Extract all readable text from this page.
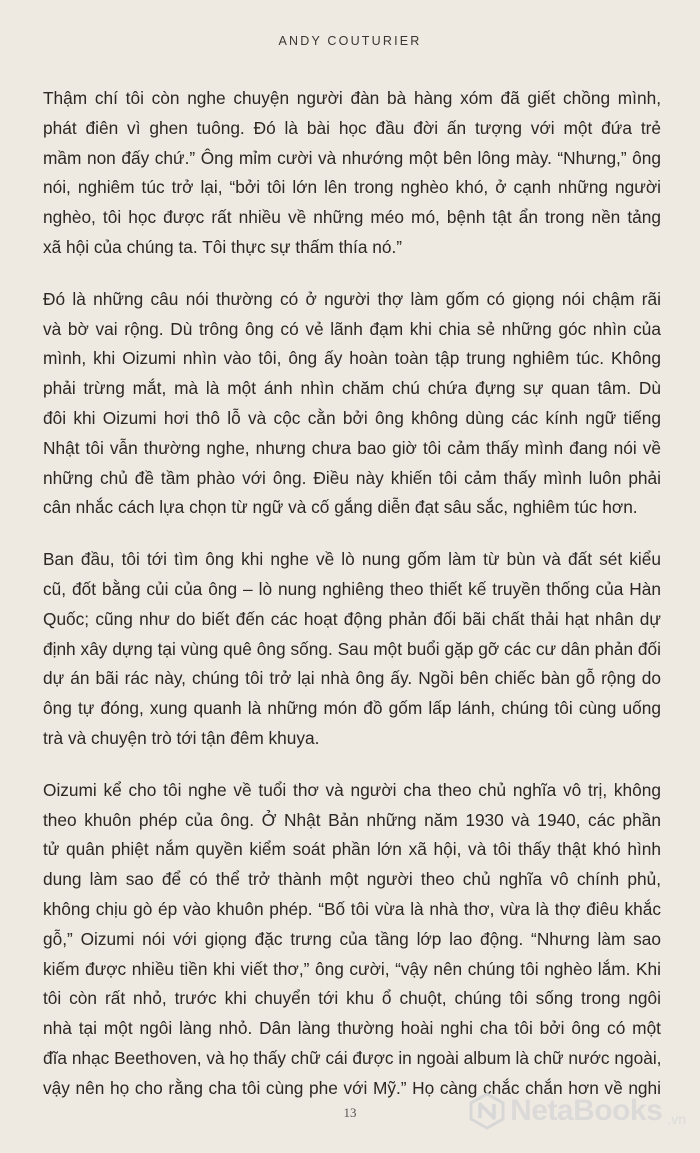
ANDY COUTURIER
Thậm chí tôi còn nghe chuyện người đàn bà hàng xóm đã giết chồng mình,
phát điên vì ghen tuông. Đó là bài học đầu đời ấn tượng với một đứa trẻ
mầm non đấy chứ.” Ông mỉm cười và nhướng một bên lông mày. “Nhưng,” ông
nói, nghiêm túc trở lại, “bởi tôi lớn lên trong nghèo khó, ở cạnh những người
nghèo, tôi học được rất nhiều về những méo mó, bệnh tật ẩn trong nền tảng
xã hội của chúng ta. Tôi thực sự thấm thía nó.”
Đó là những câu nói thường có ở người thợ làm gốm có giọng nói chậm rãi
và bờ vai rộng. Dù trông ông có vẻ lãnh đạm khi chia sẻ những góc nhìn của
mình, khi Oizumi nhìn vào tôi, ông ấy hoàn toàn tập trung nghiêm túc. Không
phải trừng mắt, mà là một ánh nhìn chăm chú chứa đựng sự quan tâm. Dù
đôi khi Oizumi hơi thô lỗ và cộc cằn bởi ông không dùng các kính ngữ tiếng
Nhật tôi vẫn thường nghe, nhưng chưa bao giờ tôi cảm thấy mình đang nói về
những chủ đề tầm phào với ông. Điều này khiến tôi cảm thấy mình luôn phải
cân nhắc cách lựa chọn từ ngữ và cố gắng diễn đạt sâu sắc, nghiêm túc hơn.
Ban đầu, tôi tới tìm ông khi nghe về lò nung gốm làm từ bùn và đất sét kiểu
cũ, đốt bằng củi của ông – lò nung nghiêng theo thiết kế truyền thống của Hàn
Quốc; cũng như do biết đến các hoạt động phản đối bãi chất thải hạt nhân dự
định xây dựng tại vùng quê ông sống. Sau một buổi gặp gỡ các cư dân phản đối
dự án bãi rác này, chúng tôi trở lại nhà ông ấy. Ngồi bên chiếc bàn gỗ rộng do
ông tự đóng, xung quanh là những món đồ gốm lấp lánh, chúng tôi cùng uống
trà và chuyện trò tới tận đêm khuya.
Oizumi kể cho tôi nghe về tuổi thơ và người cha theo chủ nghĩa vô trị, không
theo khuôn phép của ông. Ở Nhật Bản những năm 1930 và 1940, các phần
tử quân phiệt nắm quyền kiểm soát phần lớn xã hội, và tôi thấy thật khó hình
dung làm sao để có thể trở thành một người theo chủ nghĩa vô chính phủ,
không chịu gò ép vào khuôn phép. “Bố tôi vừa là nhà thơ, vừa là thợ điêu khắc
gỗ,” Oizumi nói với giọng đặc trưng của tầng lớp lao động. “Nhưng làm sao
kiếm được nhiều tiền khi viết thơ,” ông cười, “vậy nên chúng tôi nghèo lắm. Khi
tôi còn rất nhỏ, trước khi chuyển tới khu ổ chuột, chúng tôi sống trong ngôi
nhà tại một ngôi làng nhỏ. Dân làng thường hoài nghi cha tôi bởi ông có một
đĩa nhạc Beethoven, và họ thấy chữ cái được in ngoài album là chữ nước ngoài,
vậy nên họ cho rằng cha tôi cùng phe với Mỹ.” Họ càng chắc chắn hơn về nghi
13	NetaBooks .vn
